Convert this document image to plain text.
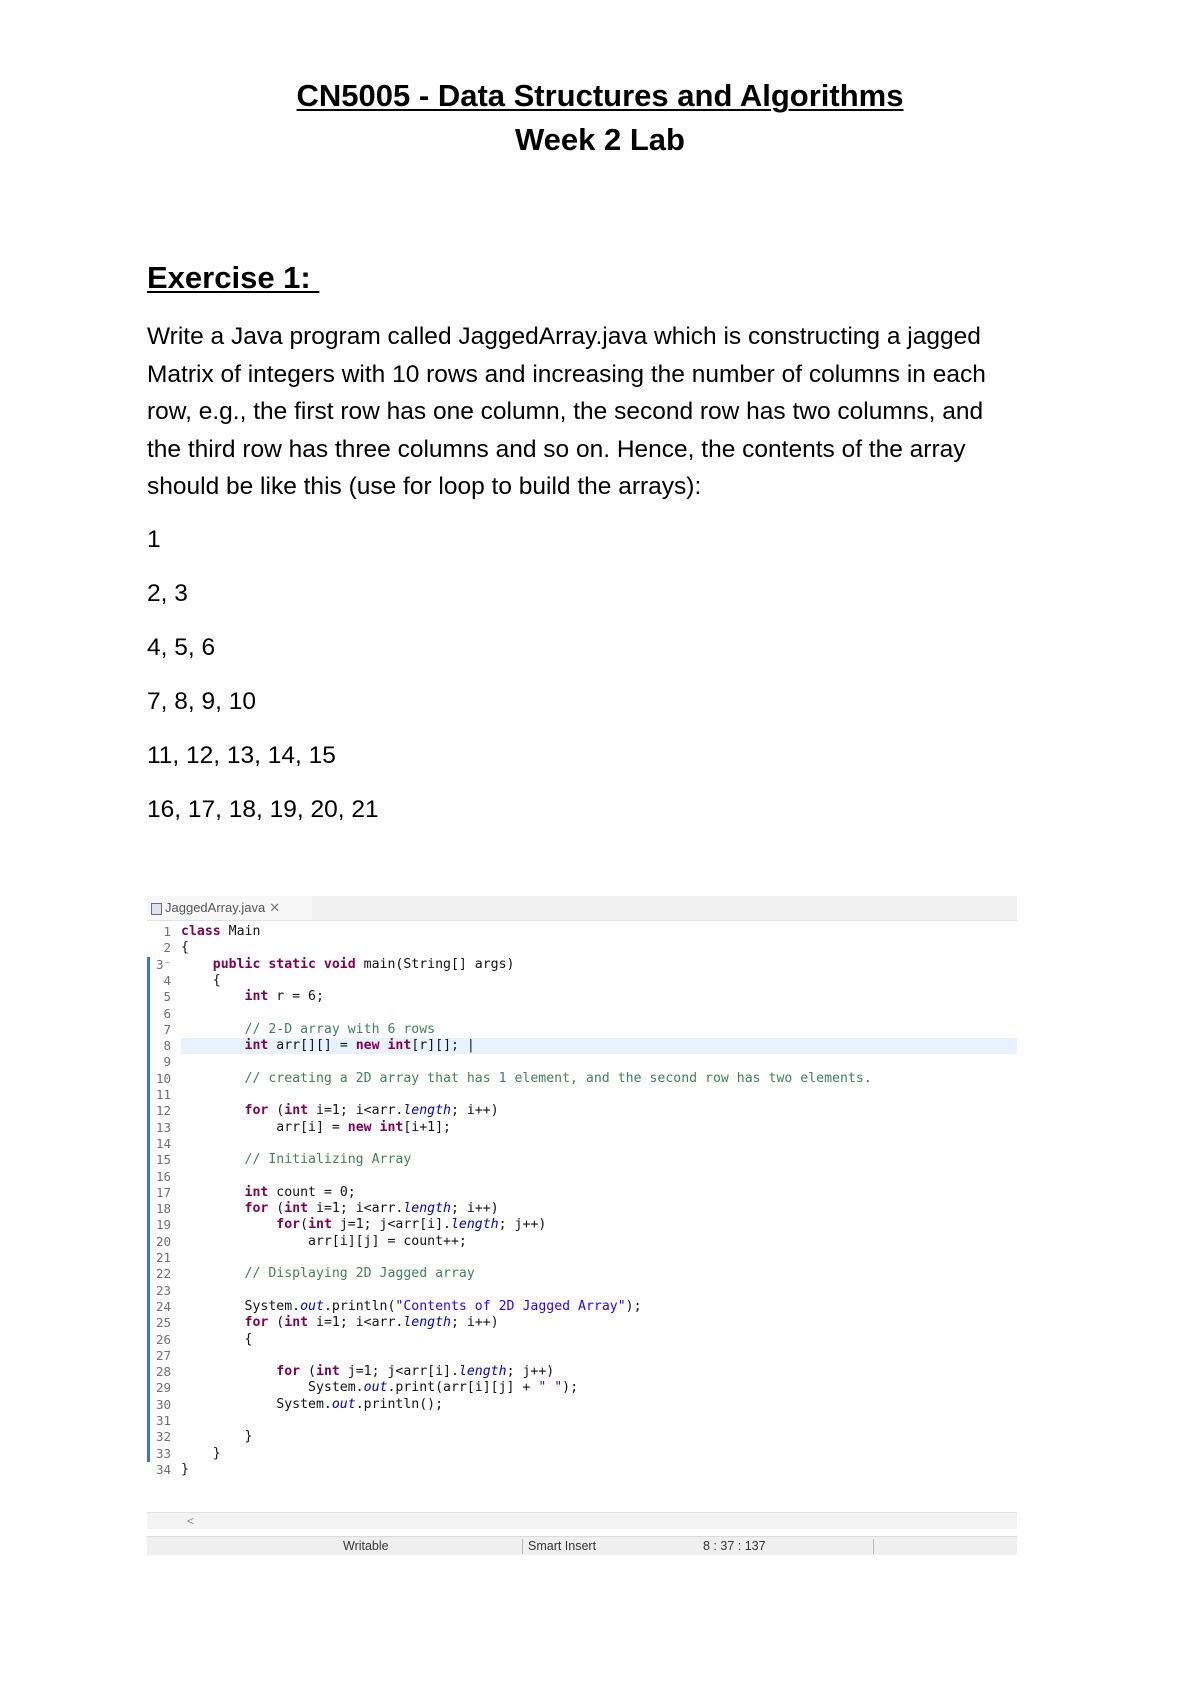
CN5005 - Data Structures and Algorithms
Week 2 Lab
Exercise 1:
Write a Java program called JaggedArray.java which is constructing a jagged
Matrix of integers with 10 rows and increasing the number of columns in each
row, e.g., the first row has one column, the second row has two columns, and
the third row has three columns and so on. Hence, the contents of the array
should be like this (use for loop to build the arrays):
1
2, 3
4, 5, 6
7, 8, 9, 10
11, 12, 13, 14, 15
16, 17, 18, 19, 20, 21
JaggedArray.java ✕
1
2
3⁻
4
5
6
7
8
9
10
11
12
13
14
15
16
17
18
19
20
21
22
23
24
25
26
27
28
29
30
31
32
33
34
class Main
{
public static void main(String[] args)
{
int r = 6;
// 2-D array with 6 rows
int arr[][] = new int[r][]; |
// creating a 2D array that has 1 element, and the second row has two elements.
for (int i=1; i<arr.length; i++)
arr[i] = new int[i+1];
// Initializing Array
int count = 0;
for (int i=1; i<arr.length; i++)
for(int j=1; j<arr[i].length; j++)
arr[i][j] = count++;
// Displaying 2D Jagged array
System.out.println("Contents of 2D Jagged Array");
for (int i=1; i<arr.length; i++)
{
for (int j=1; j<arr[i].length; j++)
System.out.print(arr[i][j] + " ");
System.out.println();
}
}
}
<
Writable	Smart Insert	8 : 37 : 137
